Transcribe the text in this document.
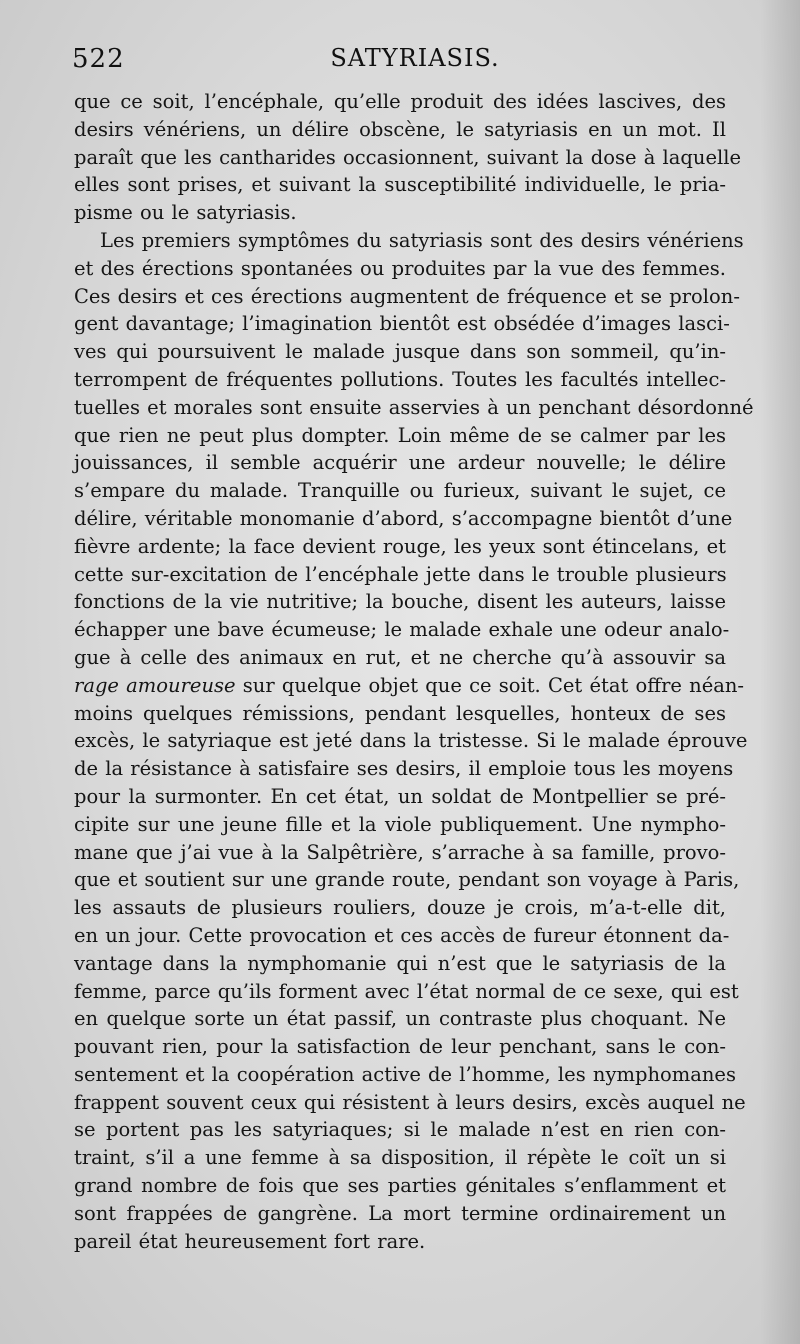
522	SATYRIASIS.
que ce soit, l’encéphale, qu’elle produit des idées lascives, des
desirs vénériens, un délire obscène, le satyriasis en un mot. Il
paraît que les cantharides occasionnent, suivant la dose à laquelle
elles sont prises, et suivant la susceptibilité individuelle, le pria-
pisme ou le satyriasis.
Les premiers symptômes du satyriasis sont des desirs vénériens
et des érections spontanées ou produites par la vue des femmes.
Ces desirs et ces érections augmentent de fréquence et se prolon-
gent davantage; l’imagination bientôt est obsédée d’images lasci-
ves qui poursuivent le malade jusque dans son sommeil, qu’in-
terrompent de fréquentes pollutions. Toutes les facultés intellec-
tuelles et morales sont ensuite asservies à un penchant désordonné
que rien ne peut plus dompter. Loin même de se calmer par les
jouissances, il semble acquérir une ardeur nouvelle; le délire
s’empare du malade. Tranquille ou furieux, suivant le sujet, ce
délire, véritable monomanie d’abord, s’accompagne bientôt d’une
fièvre ardente; la face devient rouge, les yeux sont étincelans, et
cette sur-excitation de l’encéphale jette dans le trouble plusieurs
fonctions de la vie nutritive; la bouche, disent les auteurs, laisse
échapper une bave écumeuse; le malade exhale une odeur analo-
gue à celle des animaux en rut, et ne cherche qu’à assouvir sa
rage amoureuse sur quelque objet que ce soit. Cet état offre néan-
moins quelques rémissions, pendant lesquelles, honteux de ses
excès, le satyriaque est jeté dans la tristesse. Si le malade éprouve
de la résistance à satisfaire ses desirs, il emploie tous les moyens
pour la surmonter. En cet état, un soldat de Montpellier se pré-
cipite sur une jeune fille et la viole publiquement. Une nympho-
mane que j’ai vue à la Salpêtrière, s’arrache à sa famille, provo-
que et soutient sur une grande route, pendant son voyage à Paris,
les assauts de plusieurs rouliers, douze je crois, m’a-t-elle dit,
en un jour. Cette provocation et ces accès de fureur étonnent da-
vantage dans la nymphomanie qui n’est que le satyriasis de la
femme, parce qu’ils forment avec l’état normal de ce sexe, qui est
en quelque sorte un état passif, un contraste plus choquant. Ne
pouvant rien, pour la satisfaction de leur penchant, sans le con-
sentement et la coopération active de l’homme, les nymphomanes
frappent souvent ceux qui résistent à leurs desirs, excès auquel ne
se portent pas les satyriaques; si le malade n’est en rien con-
traint, s’il a une femme à sa disposition, il répète le coït un si
grand nombre de fois que ses parties génitales s’enflamment et
sont frappées de gangrène. La mort termine ordinairement un
pareil état heureusement fort rare.
